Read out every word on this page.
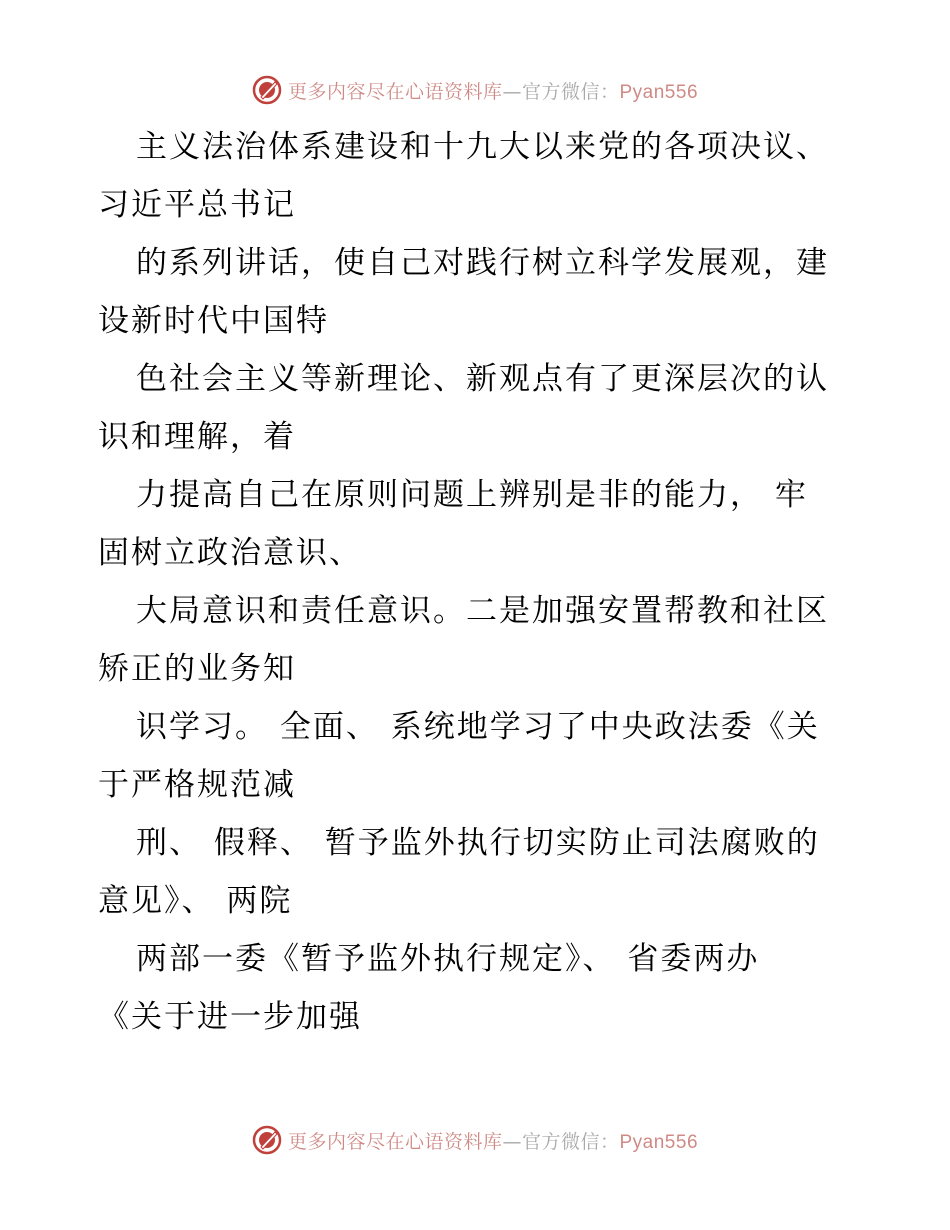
更多内容尽在心语资料库—官方微信：Pyan556
主义法治体系建设和十九大以来党的各项决议、
习近平总书记
的系列讲话，使自己对践行树立科学发展观，建
设新时代中国特
色社会主义等新理论、新观点有了更深层次的认
识和理解，着
力提高自己在原则问题上辨别是非的能力， 牢
固树立政治意识、
大局意识和责任意识。二是加强安置帮教和社区
矫正的业务知
识学习。 全面、 系统地学习了中央政法委《关
于严格规范减
刑、 假释、 暂予监外执行切实防止司法腐败的
意见》、 两院
两部一委《暂予监外执行规定》、 省委两办
《关于进一步加强
更多内容尽在心语资料库—官方微信：Pyan556
